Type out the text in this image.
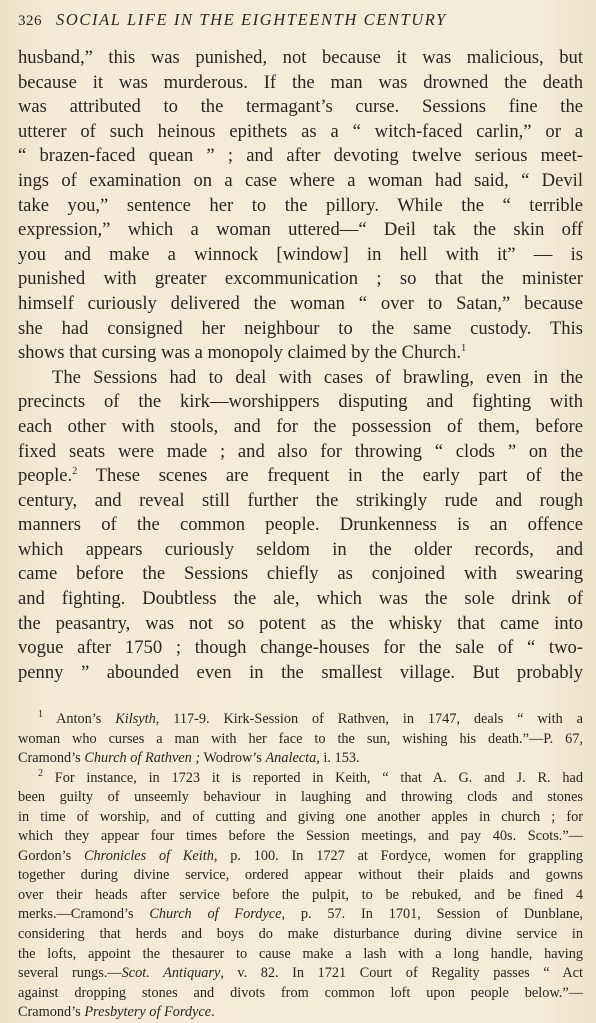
326 SOCIAL LIFE IN THE EIGHTEENTH CENTURY
husband,” this was punished, not because it was malicious, but
because it was murderous. If the man was drowned the death
was attributed to the termagant’s curse. Sessions fine the
utterer of such heinous epithets as a “ witch-faced carlin,” or a
“ brazen-faced quean ” ; and after devoting twelve serious meet-
ings of examination on a case where a woman had said, “ Devil
take you,” sentence her to the pillory. While the “ terrible
expression,” which a woman uttered—“ Deil tak the skin off
you and make a winnock [window] in hell with it” — is
punished with greater excommunication ; so that the minister
himself curiously delivered the woman “ over to Satan,” because
she had consigned her neighbour to the same custody. This
shows that cursing was a monopoly claimed by the Church.$^1$
The Sessions had to deal with cases of brawling, even in the
precincts of the kirk—worshippers disputing and fighting with
each other with stools, and for the possession of them, before
fixed seats were made ; and also for throwing “ clods ” on the
people.$^2$ These scenes are frequent in the early part of the
century, and reveal still further the strikingly rude and rough
manners of the common people. Drunkenness is an offence
which appears curiously seldom in the older records, and
came before the Sessions chiefly as conjoined with swearing
and fighting. Doubtless the ale, which was the sole drink of
the peasantry, was not so potent as the whisky that came into
vogue after 1750 ; though change-houses for the sale of “ two-
penny ” abounded even in the smallest village. But probably
$^1$ Anton’s Kilsyth, 117-9. Kirk-Session of Rathven, in 1747, deals “ with a
woman who curses a man with her face to the sun, wishing his death.”—P. 67,
Cramond’s Church of Rathven ; Wodrow’s Analecta, i. 153.
$^2$ For instance, in 1723 it is reported in Keith, “ that A. G. and J. R. had
been guilty of unseemly behaviour in laughing and throwing clods and stones
in time of worship, and of cutting and giving one another apples in church ; for
which they appear four times before the Session meetings, and pay 40s. Scots.”—
Gordon’s Chronicles of Keith, p. 100. In 1727 at Fordyce, women for grappling
together during divine service, ordered appear without their plaids and gowns
over their heads after service before the pulpit, to be rebuked, and be fined 4
merks.—Cramond’s Church of Fordyce, p. 57. In 1701, Session of Dunblane,
considering that herds and boys do make disturbance during divine service in
the lofts, appoint the thesaurer to cause make a lash with a long handle, having
several rungs.—Scot. Antiquary, v. 82. In 1721 Court of Regality passes “ Act
against dropping stones and divots from common loft upon people below.”—
Cramond’s Presbytery of Fordyce.
